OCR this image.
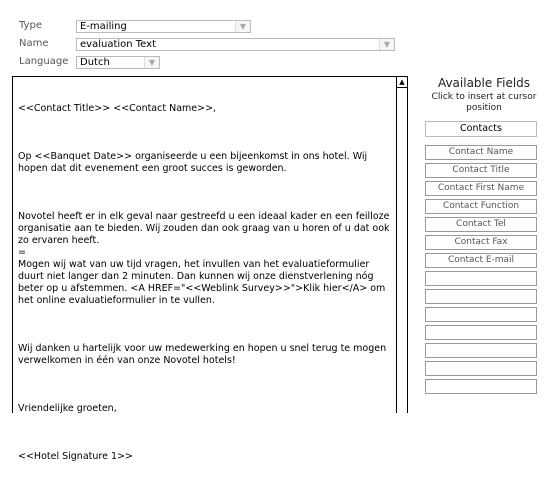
Type	E-mailing	▼
Name	evaluation Text	▼
Language Dutch	▼

<<Contact Title>> <<Contact Name>>,

Op <<Banquet Date>> organiseerde u een bijeenkomst in ons hotel. Wij hopen dat dit evenement een groot succes is geworden.

Novotel heeft er in elk geval naar gestreefd u een ideaal kader en een feilloze organisatie aan te bieden. Wij zouden dan ook graag van u horen of u dat ook zo ervaren heeft.
=
Mogen wij wat van uw tijd vragen, het invullen van het evaluatieformulier duurt niet langer dan 2 minuten. Dan kunnen wij onze dienstverlening nóg beter op u afstemmen. <A HREF="<<Weblink Survey>>">Klik hier</A> om het online evaluatieformulier in te vullen.

Wij danken u hartelijk voor uw medewerking en hopen u snel terug te mogen verwelkomen in één van onze Novotel hotels!

Vriendelijke groeten,

<<Hotel Signature 1>>

▲	Available Fields
Click to insert at cursor position
Contacts
Contact Name
Contact Title
Contact First Name
Contact Function
Contact Tel
Contact Fax
Contact E-mail
